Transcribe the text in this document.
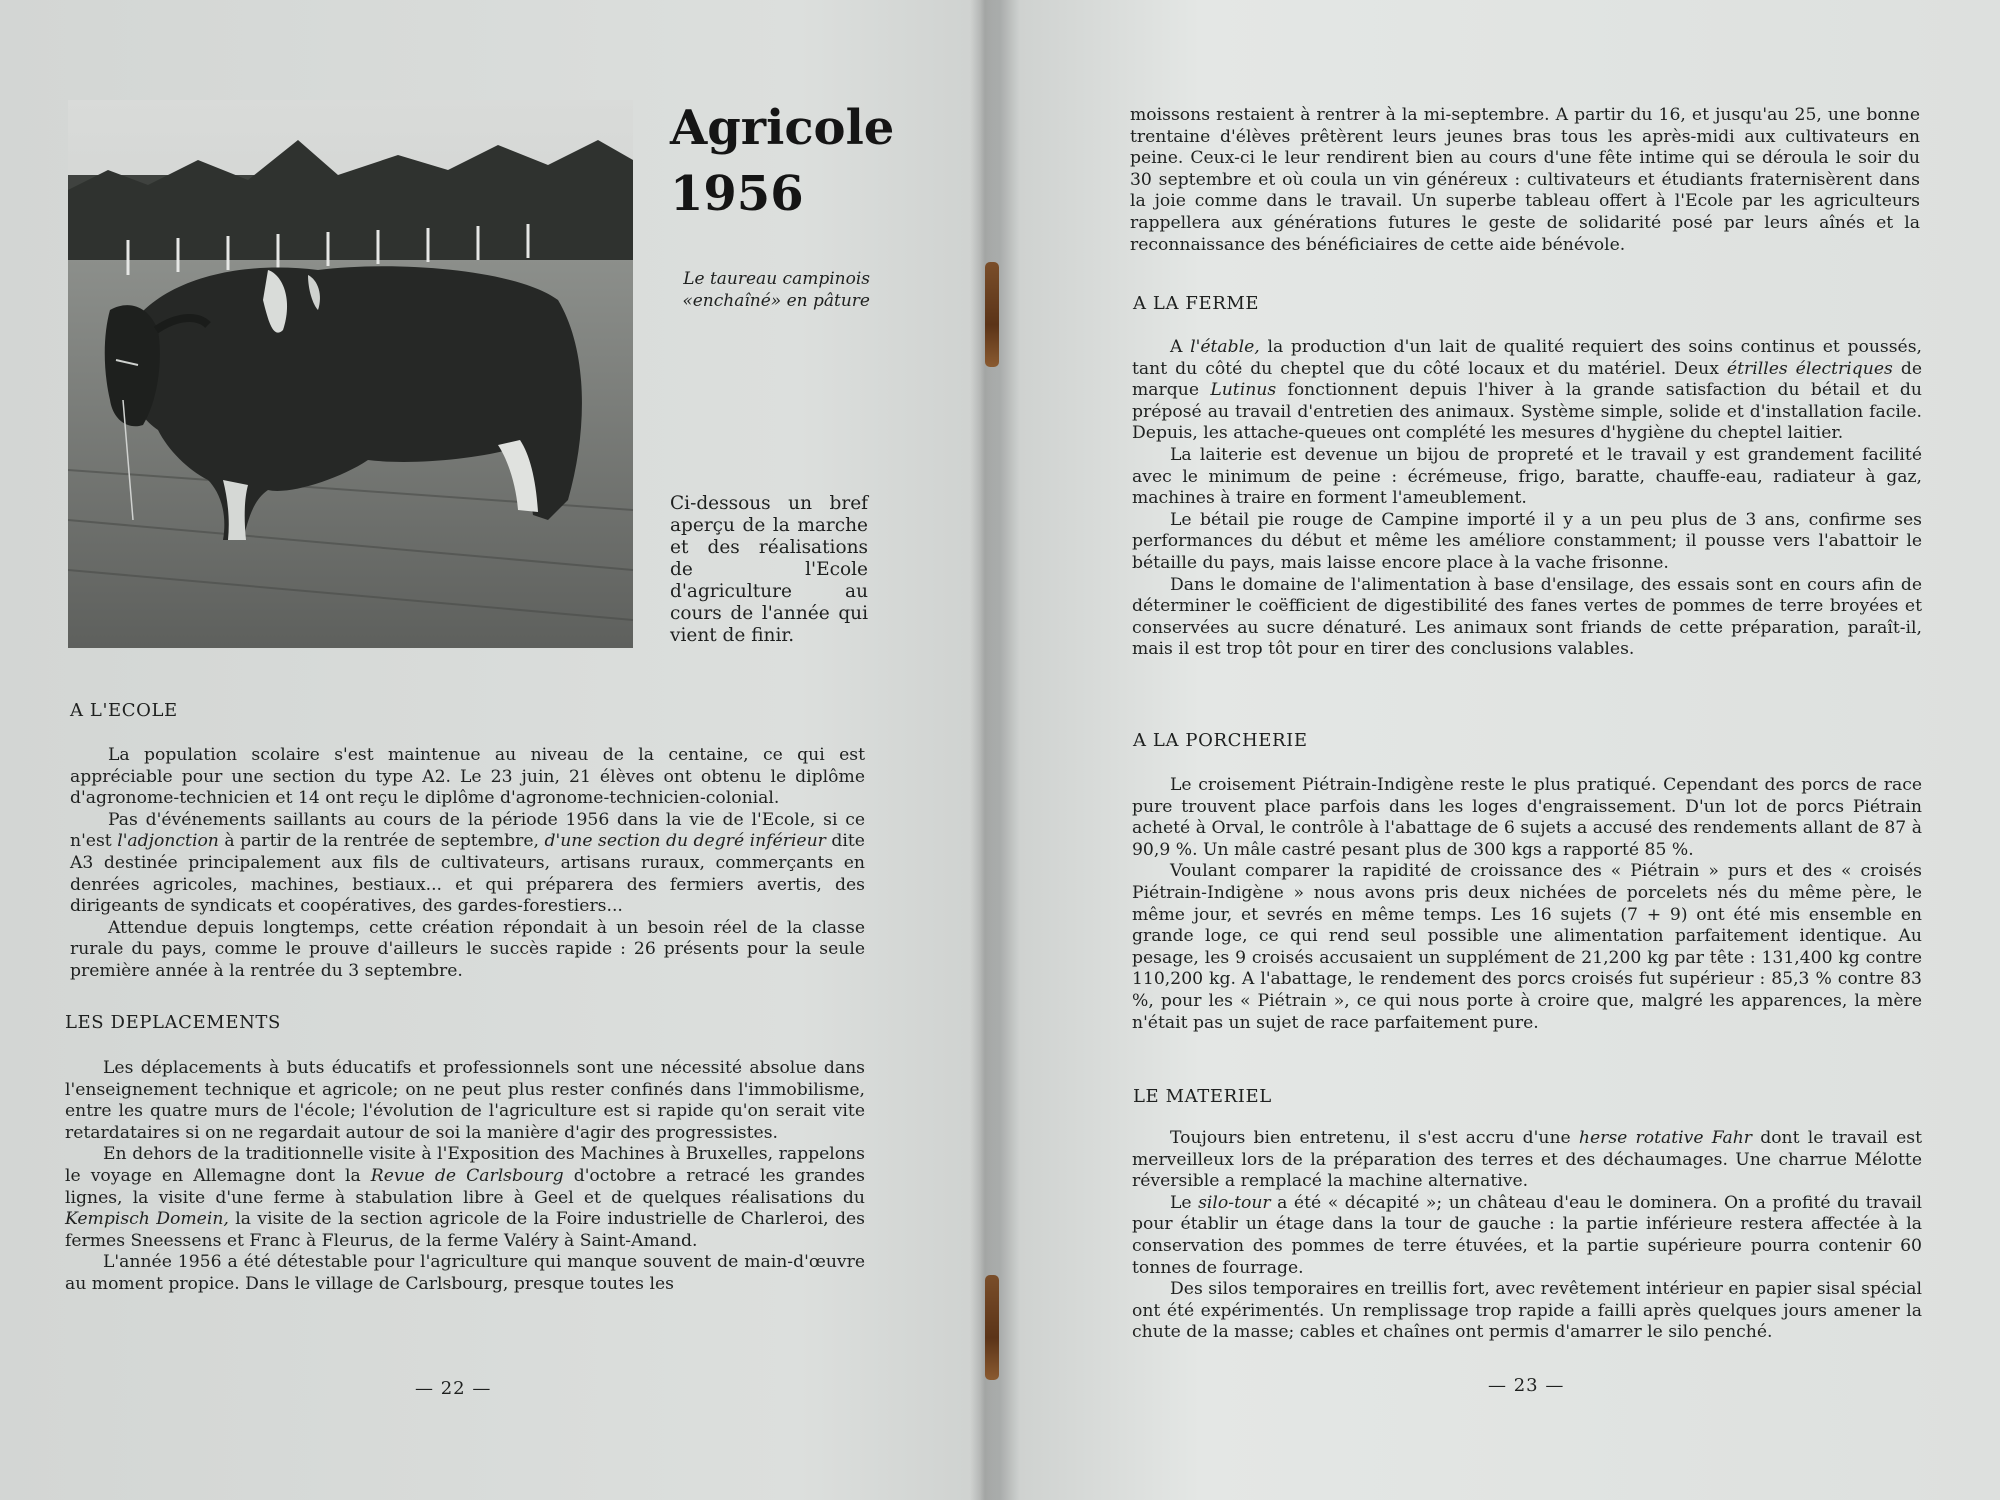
Agricole
1956
Le taureau campinois «enchaîné» en pâture
Ci-dessous un bref aperçu de la marche et des réalisations de l'Ecole d'agriculture au cours de l'année qui vient de finir.
A L'ECOLE

La population scolaire s'est maintenue au niveau de la centaine, ce qui est appréciable pour une section du type A2. Le 23 juin, 21 élèves ont obtenu le diplôme d'agronome-technicien et 14 ont reçu le diplôme d'agronome-technicien-colonial.

Pas d'événements saillants au cours de la période 1956 dans la vie de l'Ecole, si ce n'est l'adjonction à partir de la rentrée de septembre, d'une section du degré inférieur dite A3 destinée principalement aux fils de cultivateurs, artisans ruraux, commerçants en denrées agricoles, machines, bestiaux... et qui préparera des fermiers avertis, des dirigeants de syndicats et coopératives, des gardes-forestiers...

Attendue depuis longtemps, cette création répondait à un besoin réel de la classe rurale du pays, comme le prouve d'ailleurs le succès rapide : 26 présents pour la seule première année à la rentrée du 3 septembre.

LES DEPLACEMENTS

Les déplacements à buts éducatifs et professionnels sont une nécessité absolue dans l'enseignement technique et agricole; on ne peut plus rester confinés dans l'immobilisme, entre les quatre murs de l'école; l'évolution de l'agriculture est si rapide qu'on serait vite retardataires si on ne regardait autour de soi la manière d'agir des progressistes.

En dehors de la traditionnelle visite à l'Exposition des Machines à Bruxelles, rappelons le voyage en Allemagne dont la Revue de Carlsbourg d'octobre a retracé les grandes lignes, la visite d'une ferme à stabulation libre à Geel et de quelques réalisations du Kempisch Domein, la visite de la section agricole de la Foire industrielle de Charleroi, des fermes Sneessens et Franc à Fleurus, de la ferme Valéry à Saint-Amand.

L'année 1956 a été détestable pour l'agriculture qui manque souvent de main-d'œuvre au moment propice. Dans le village de Carlsbourg, presque toutes les

— 22 —

moissons restaient à rentrer à la mi-septembre. A partir du 16, et jusqu'au 25, une bonne trentaine d'élèves prêtèrent leurs jeunes bras tous les après-midi aux cultivateurs en peine. Ceux-ci le leur rendirent bien au cours d'une fête intime qui se déroula le soir du 30 septembre et où coula un vin généreux : cultivateurs et étudiants fraternisèrent dans la joie comme dans le travail. Un superbe tableau offert à l'Ecole par les agriculteurs rappellera aux générations futures le geste de solidarité posé par leurs aînés et la reconnaissance des bénéficiaires de cette aide bénévole.

A LA FERME

A l'étable, la production d'un lait de qualité requiert des soins continus et poussés, tant du côté du cheptel que du côté locaux et du matériel. Deux étrilles électriques de marque Lutinus fonctionnent depuis l'hiver à la grande satisfaction du bétail et du préposé au travail d'entretien des animaux. Système simple, solide et d'installation facile. Depuis, les attache-queues ont complété les mesures d'hygiène du cheptel laitier.

La laiterie est devenue un bijou de propreté et le travail y est grandement facilité avec le minimum de peine : écrémeuse, frigo, baratte, chauffe-eau, radiateur à gaz, machines à traire en forment l'ameublement.

Le bétail pie rouge de Campine importé il y a un peu plus de 3 ans, confirme ses performances du début et même les améliore constamment; il pousse vers l'abattoir le bétaille du pays, mais laisse encore place à la vache frisonne.

Dans le domaine de l'alimentation à base d'ensilage, des essais sont en cours afin de déterminer le coëfficient de digestibilité des fanes vertes de pommes de terre broyées et conservées au sucre dénaturé. Les animaux sont friands de cette préparation, paraît-il, mais il est trop tôt pour en tirer des conclusions valables.

A LA PORCHERIE

Le croisement Piétrain-Indigène reste le plus pratiqué. Cependant des porcs de race pure trouvent place parfois dans les loges d'engraissement. D'un lot de porcs Piétrain acheté à Orval, le contrôle à l'abattage de 6 sujets a accusé des rendements allant de 87 à 90,9 %. Un mâle castré pesant plus de 300 kgs a rapporté 85 %.

Voulant comparer la rapidité de croissance des « Piétrain » purs et des « croisés Piétrain-Indigène » nous avons pris deux nichées de porcelets nés du même père, le même jour, et sevrés en même temps. Les 16 sujets (7 + 9) ont été mis ensemble en grande loge, ce qui rend seul possible une alimentation parfaitement identique. Au pesage, les 9 croisés accusaient un supplément de 21,200 kg par tête : 131,400 kg contre 110,200 kg. A l'abattage, le rendement des porcs croisés fut supérieur : 85,3 % contre 83 %, pour les « Piétrain », ce qui nous porte à croire que, malgré les apparences, la mère n'était pas un sujet de race parfaitement pure.

LE MATERIEL

Toujours bien entretenu, il s'est accru d'une herse rotative Fahr dont le travail est merveilleux lors de la préparation des terres et des déchaumages. Une charrue Mélotte réversible a remplacé la machine alternative.

Le silo-tour a été « décapité »; un château d'eau le dominera. On a profité du travail pour établir un étage dans la tour de gauche : la partie inférieure restera affectée à la conservation des pommes de terre étuvées, et la partie supérieure pourra contenir 60 tonnes de fourrage.

Des silos temporaires en treillis fort, avec revêtement intérieur en papier sisal spécial ont été expérimentés. Un remplissage trop rapide a failli après quelques jours amener la chute de la masse; cables et chaînes ont permis d'amarrer le silo penché.

— 23 —
